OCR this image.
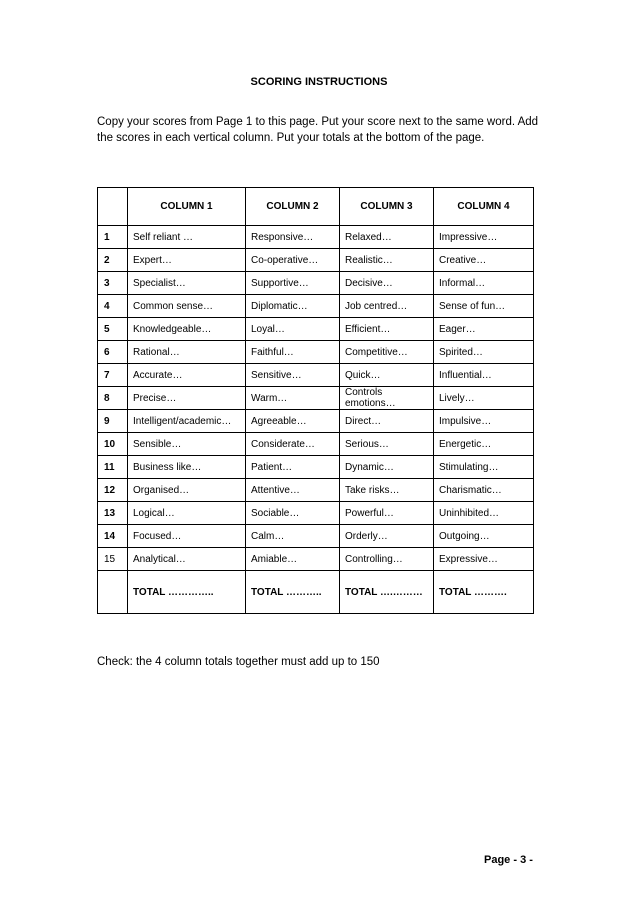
SCORING INSTRUCTIONS

Copy your scores from Page 1 to this page. Put your score next to the same word. Add the scores in each vertical column. Put your totals at the bottom of the page.

	COLUMN 1	COLUMN 2	COLUMN 3	COLUMN 4
1	Self reliant …	Responsive…	Relaxed…	Impressive…
2	Expert…	Co-operative…	Realistic…	Creative…
3	Specialist…	Supportive…	Decisive…	Informal…
4	Common sense…	Diplomatic…	Job centred…	Sense of fun…
5	Knowledgeable…	Loyal…	Efficient…	Eager…
6	Rational…	Faithful…	Competitive…	Spirited…
7	Accurate…	Sensitive…	Quick…	Influential…
8	Precise…	Warm…	Controls emotions…	Lively…
9	Intelligent/academic…	Agreeable…	Direct…	Impulsive…
10	Sensible…	Considerate…	Serious…	Energetic…
11	Business like…	Patient…	Dynamic…	Stimulating…
12	Organised…	Attentive…	Take risks…	Charismatic…
13	Logical…	Sociable…	Powerful…	Uninhibited…
14	Focused…	Calm…	Orderly…	Outgoing…
15	Analytical…	Amiable…	Controlling…	Expressive…
	TOTAL …………..	TOTAL ………..	TOTAL ….………	TOTAL ……….
Check: the 4 column totals together must add up to 150
Page - 3 -
